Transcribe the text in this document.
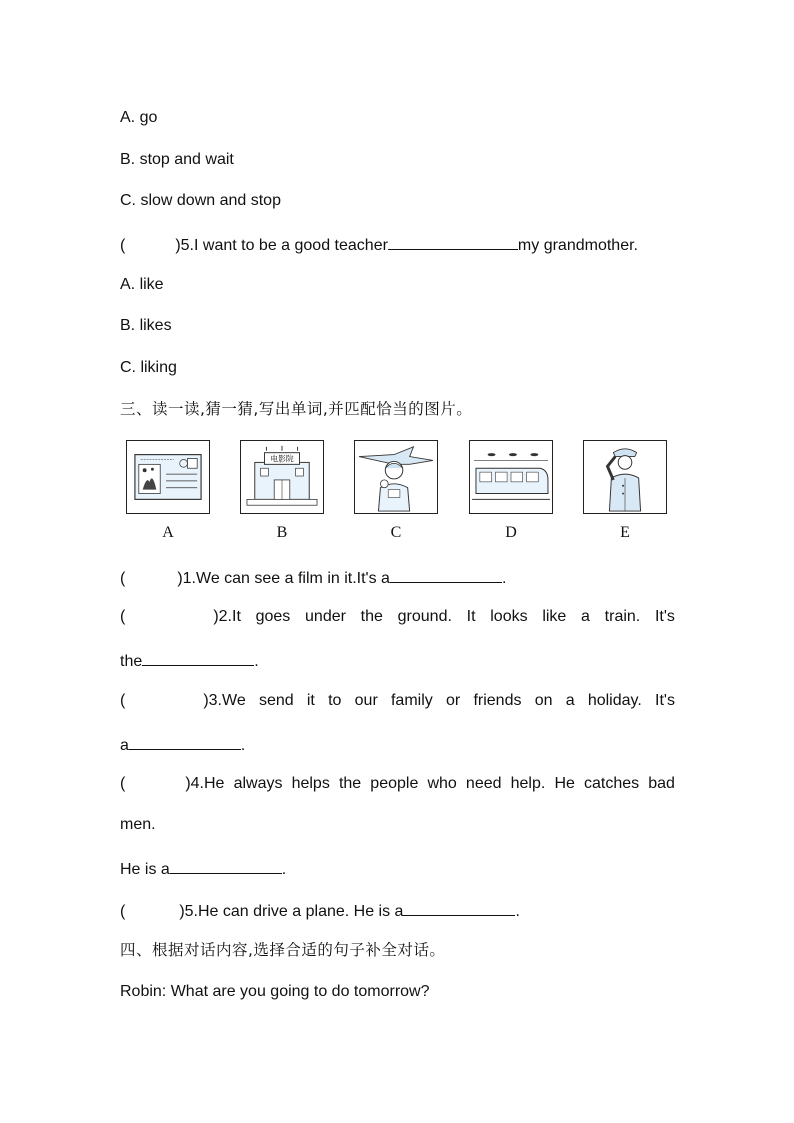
A. go
B. stop and wait
C. slow down and stop
(	)5.I want to be a good teacher	my grandmother.
A. like
B. likes
C. liking
三、读一读,猜一猜,写出单词,并匹配恰当的图片。
电影院
A	B	C	D	E
(	)1.We can see a film in it.It's a	.
(	)2.It goes under the ground. It looks like a train. It's
the	.
(	)3.We send it to our family or friends on a holiday. It's
a	.
(	)4.He always helps the people who need help. He catches bad
men.
He is a	.
(	)5.He can drive a plane. He is a	.
四、根据对话内容,选择合适的句子补全对话。
Robin: What are you going to do tomorrow?
